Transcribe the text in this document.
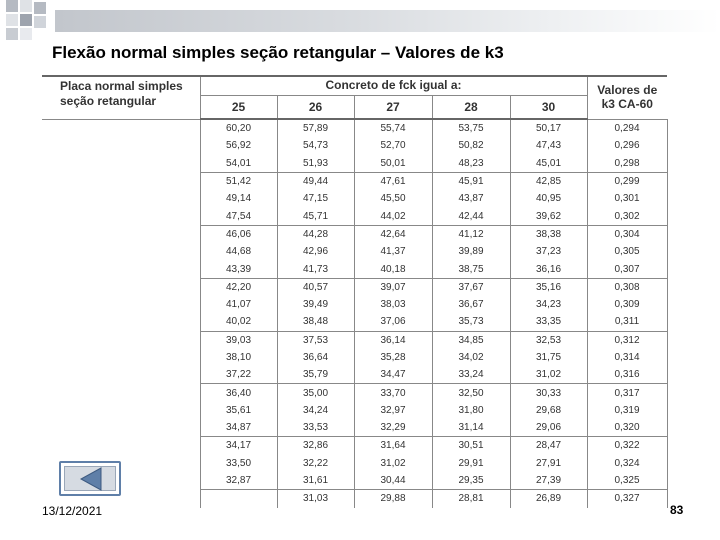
Flexão normal simples seção retangular – Valores de k3
Placa normal simples
seção retangular	Concreto de fck igual a:					Valores de
k3 CA-60
	25	26	27	28	30	
	60,20	57,89	55,74	53,75	50,17	0,294
	56,92	54,73	52,70	50,82	47,43	0,296
	54,01	51,93	50,01	48,23	45,01	0,298
	51,42	49,44	47,61	45,91	42,85	0,299
	49,14	47,15	45,50	43,87	40,95	0,301
	47,54	45,71	44,02	42,44	39,62	0,302
	46,06	44,28	42,64	41,12	38,38	0,304
	44,68	42,96	41,37	39,89	37,23	0,305
	43,39	41,73	40,18	38,75	36,16	0,307
	42,20	40,57	39,07	37,67	35,16	0,308
	41,07	39,49	38,03	36,67	34,23	0,309
	40,02	38,48	37,06	35,73	33,35	0,311
	39,03	37,53	36,14	34,85	32,53	0,312
	38,10	36,64	35,28	34,02	31,75	0,314
	37,22	35,79	34,47	33,24	31,02	0,316
	36,40	35,00	33,70	32,50	30,33	0,317
	35,61	34,24	32,97	31,80	29,68	0,319
	34,87	33,53	32,29	31,14	29,06	0,320
	34,17	32,86	31,64	30,51	28,47	0,322
	33,50	32,22	31,02	29,91	27,91	0,324
	32,87	31,61	30,44	29,35	27,39	0,325
		31,03	29,88	28,81	26,89	0,327
13/12/2021	83
